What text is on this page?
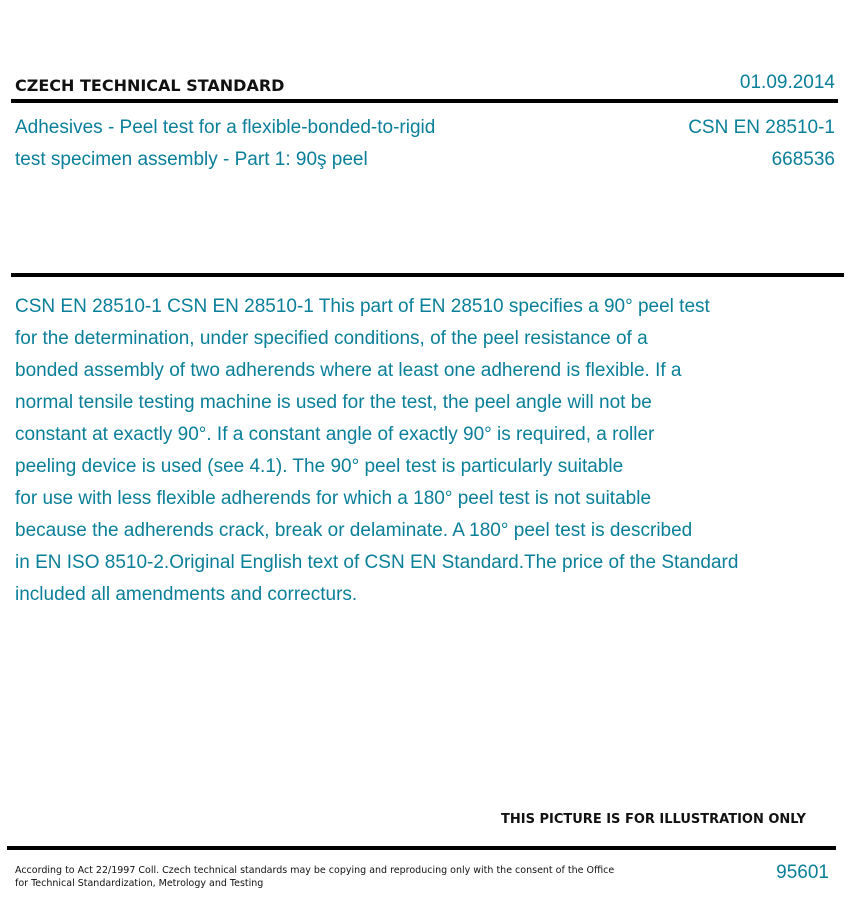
CZECH TECHNICAL STANDARD	01.09.2014
Adhesives - Peel test for a flexible-bonded-to-rigid
test specimen assembly - Part 1: 90ş peel
CSN EN 28510-1
668536
CSN EN 28510-1 CSN EN 28510-1 This part of EN 28510 specifies a 90° peel test
for the determination, under specified conditions, of the peel resistance of a
bonded assembly of two adherends where at least one adherend is flexible. If a
normal tensile testing machine is used for the test, the peel angle will not be
constant at exactly 90°. If a constant angle of exactly 90° is required, a roller
peeling device is used (see 4.1). The 90° peel test is particularly suitable
for use with less flexible adherends for which a 180° peel test is not suitable
because the adherends crack, break or delaminate. A 180° peel test is described
in EN ISO 8510-2.Original English text of CSN EN Standard.The price of the Standard
included all amendments and correcturs.
THIS PICTURE IS FOR ILLUSTRATION ONLY
According to Act 22/1997 Coll. Czech technical standards may be copying and reproducing only with the consent of the Office
for Technical Standardization, Metrology and Testing
95601
